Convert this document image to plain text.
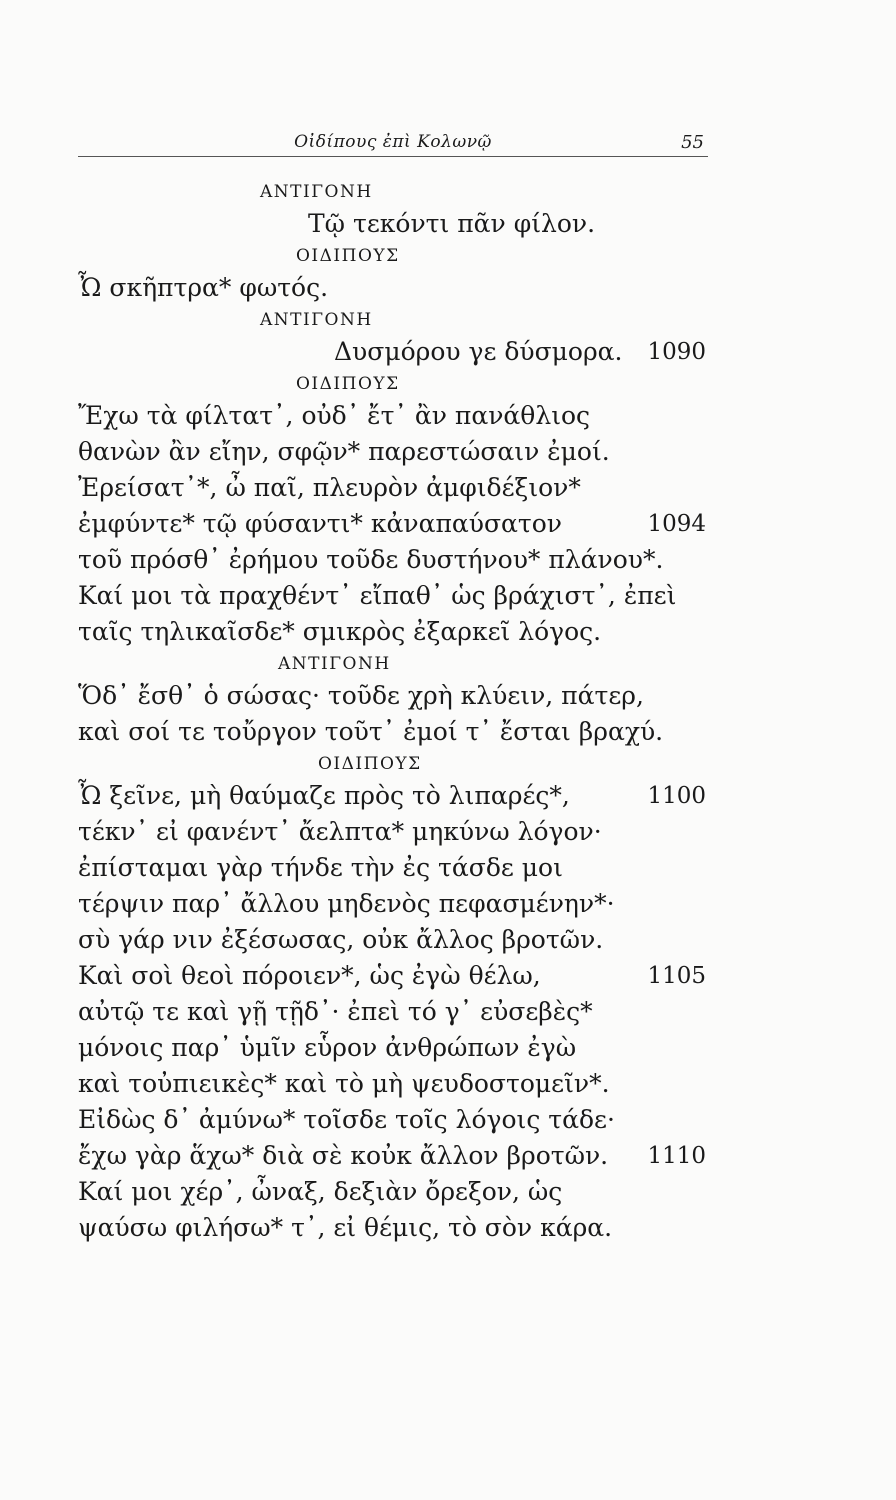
Οἰδίπους ἐπὶ Κολωνῷ	55
ΑΝΤΙΓΟΝΗ
Τῷ τεκόντι πᾶν φίλον.
ΟΙΔΙΠΟΥΣ
Ὦ σκῆπτρα* φωτός.
ΑΝΤΙΓΟΝΗ
Δυσμόρου γε δύσμορα. 1090
ΟΙΔΙΠΟΥΣ
Ἔχω τὰ φίλτατ᾽, οὐδ᾽ ἔτ᾽ ἂν πανάθλιος
θανὼν ἂν εἴην, σφῷν* παρεστώσαιν ἐμοί.
Ἐρείσατ᾽*, ὦ παῖ, πλευρὸν ἀμφιδέξιον*
ἐμφύντε* τῷ φύσαντι* κἀναπαύσατον	1094
τοῦ πρόσθ᾽ ἐρήμου τοῦδε δυστήνου* πλάνου*.
Καί μοι τὰ πραχθέντ᾽ εἴπαθ᾽ ὡς βράχιστ᾽, ἐπεὶ
ταῖς τηλικαῖσδε* σμικρὸς ἐξαρκεῖ λόγος.
ΑΝΤΙΓΟΝΗ
Ὅδ᾽ ἔσθ᾽ ὁ σώσας· τοῦδε χρὴ κλύειν, πάτερ,
καὶ σοί τε τοὔργον τοῦτ᾽ ἐμοί τ᾽ ἔσται βραχύ.
ΟΙΔΙΠΟΥΣ
Ὦ ξεῖνε, μὴ θαύμαζε πρὸς τὸ λιπαρές*,	1100
τέκν᾽ εἰ φανέντ᾽ ἄελπτα* μηκύνω λόγον·
ἐπίσταμαι γὰρ τήνδε τὴν ἐς τάσδε μοι
τέρψιν παρ᾽ ἄλλου μηδενὸς πεφασμένην*·
σὺ γάρ νιν ἐξέσωσας, οὐκ ἄλλος βροτῶν.
Καὶ σοὶ θεοὶ πόροιεν*, ὡς ἐγὼ θέλω,	1105
αὐτῷ τε καὶ γῇ τῇδ᾽· ἐπεὶ τό γ᾽ εὐσεβὲς*
μόνοις παρ᾽ ὑμῖν εὗρον ἀνθρώπων ἐγὼ
καὶ τοὐπιεικὲς* καὶ τὸ μὴ ψευδοστομεῖν*.
Εἰδὼς δ᾽ ἀμύνω* τοῖσδε τοῖς λόγοις τάδε·
ἔχω γὰρ ἅχω* διὰ σὲ κοὐκ ἄλλον βροτῶν. 1110
Καί μοι χέρ᾽, ὦναξ, δεξιὰν ὄρεξον, ὡς
ψαύσω φιλήσω* τ᾽, εἰ θέμις, τὸ σὸν κάρα.
